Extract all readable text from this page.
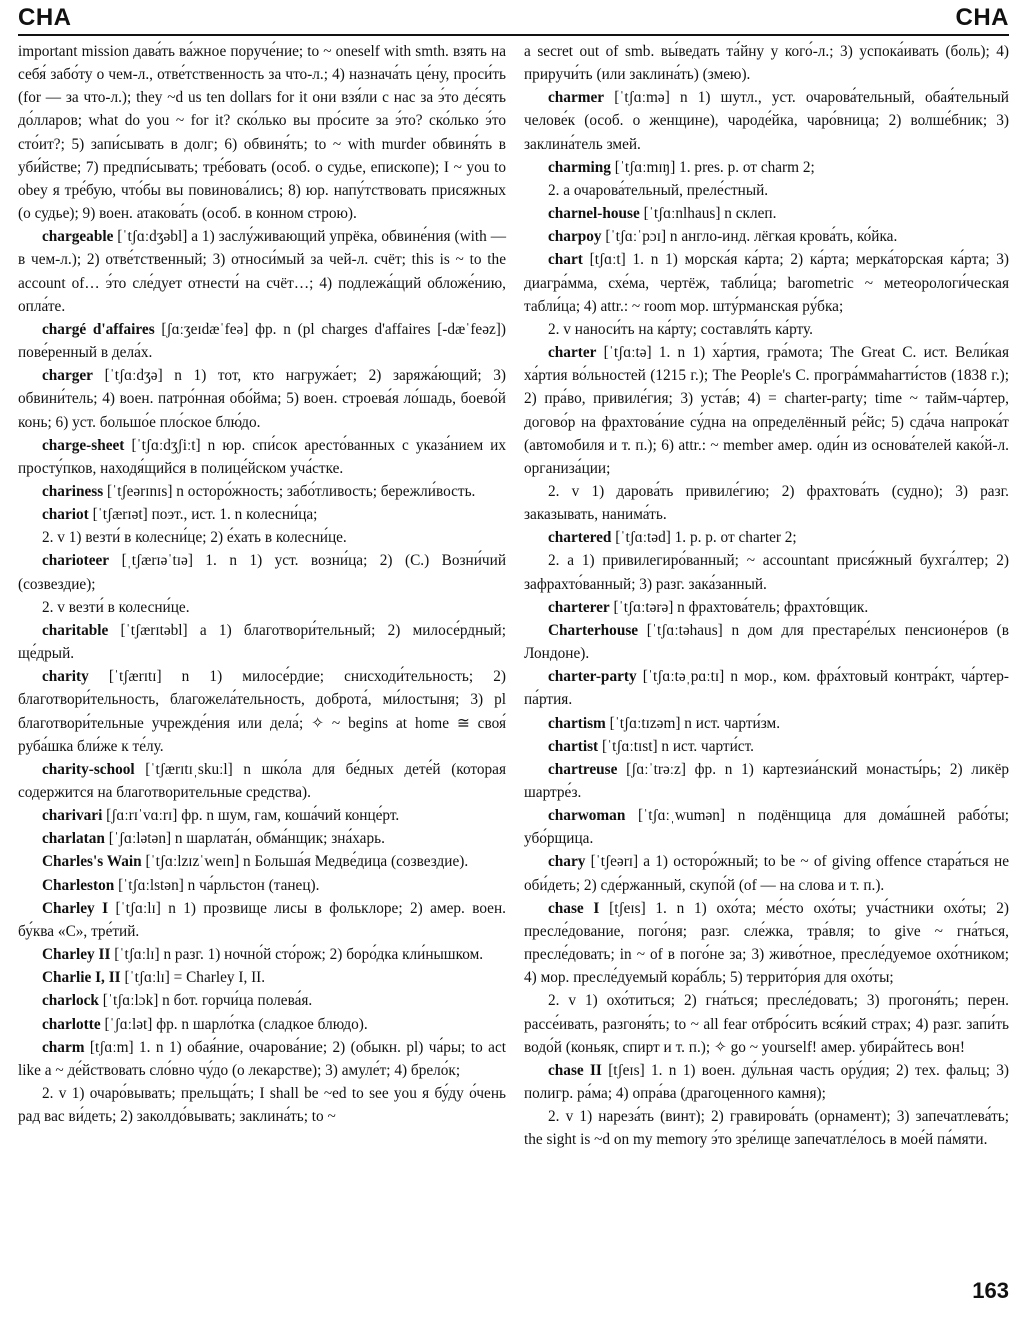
CHA	CHA

important mission дава́ть ва́жное поруче́ние; to ~ oneself with smth. взять на себя́ забо́ту о чем-л., отве́тственность за что-л.; 4) назнача́ть це́ну, проси́ть (for — за что-л.); they ~d us ten dollars for it они взя́ли с нас за э́то де́сять до́лларов; what do you ~ for it? ско́лько вы про́сите за э́то? ско́лько э́то сто́ит?; 5) запи́сывать в долг; 6) обвиня́ть; to ~ with murder обвиня́ть в уби́йстве; 7) предпи́сывать; тре́бовать (особ. о судье, епископе); I ~ you to obey я тре́бую, что́бы вы повинова́лись; 8) юр. напу́тствовать присяжных (о судье); 9) воен. атакова́ть (особ. в конном строю).

chargeable [ˈtʃɑːdʒəbl] a 1) заслу́живающий упрёка, обвине́ния (with — в чем-л.); 2) отве́тственный; 3) относи́мый за чей-л. счёт; this is ~ to the account of… э́то сле́дует отнести́ на счёт…; 4) подлежа́щий обложе́нию, опла́те.

chargé d'affaires [ʃɑːʒeɪdæˈfeə] фр. n (pl charges d'affaires [-dæˈfeəz]) пове́ренный в дела́х.

charger [ˈtʃɑːdʒə] n 1) тот, кто нагружа́ет; 2) заряжа́ющий; 3) обвини́тель; 4) воен. патро́нная обо́йма; 5) воен. строева́я ло́шадь, боево́й конь; 6) уст. большо́е пло́ское блю́до.

charge-sheet [ˈtʃɑːdʒʃiːt] n юр. спи́сок аресто́ванных с указа́нием их просту́пков, находя́щийся в полице́йском уча́стке.

chariness [ˈtʃeərɪnɪs] n осторо́жность; забо́тливость; бережли́вость.

chariot [ˈtʃærɪət] поэт., ист. 1. n колесни́ца;

2. v 1) везти́ в колесни́це; 2) е́хать в колесни́це.

charioteer [ˌtʃærɪəˈtɪə] 1. n 1) уст. возни́ца; 2) (C.) Возни́чий (созвездие);

2. v везти́ в колесни́це.

charitable [ˈtʃærɪtəbl] a 1) благотвори́тельный; 2) милосе́рдный; ще́дрый.

charity [ˈtʃærɪtɪ] n 1) милосе́рдие; снисходи́тельность; 2) благотвори́тельность, благожела́тельность, доброта́, ми́лостыня; 3) pl благотвори́тельные учрежде́ния или дела́; ✧ ~ begins at home ≅ своя́ руба́шка бли́же к те́лу.

charity-school [ˈtʃærɪtɪˌskuːl] n шко́ла для бе́дных дете́й (которая содержится на благотворительные средства).

charivari [ʃɑːrɪˈvɑːrɪ] фр. n шум, гам, коша́чий конце́рт.

charlatan [ˈʃɑːlətən] n шарлата́н, обма́нщик; зна́харь.

Charles's Wain [ˈtʃɑːlzɪzˈweɪn] n Больша́я Медве́дица (созвездие).

Charleston [ˈtʃɑːlstən] n ча́рльстон (танец).

Charley I [ˈtʃɑːlɪ] n 1) прозвище лисы в фольклоре; 2) амер. воен. бу́ква «С», тре́тий.

Charley II [ˈtʃɑːlɪ] n разг. 1) ночно́й сто́рож; 2) боро́дка кли́нышком.

Charlie I, II [ˈtʃɑːlɪ] = Charley I, II.

charlock [ˈtʃɑːlɔk] n бот. горчи́ца полева́я.

charlotte [ˈʃɑːlət] фр. n шарло́тка (сладкое блюдо).

charm [tʃɑːm] 1. n 1) обая́ние, очарова́ние; 2) (обыкн. pl) ча́ры; to act like a ~ де́йствовать сло́вно чу́до (о лекарстве); 3) амуле́т; 4) брело́к;

2. v 1) очаро́вывать; прельща́ть; I shall be ~ed to see you я бу́ду о́чень рад вас ви́деть; 2) заколдо́вывать; заклина́ть; to ~

a secret out of smb. вы́ведать та́йну у кого́-л.; 3) успока́ивать (боль); 4) приручи́ть (или заклина́ть) (змею).

charmer [ˈtʃɑːmə] n 1) шутл., уст. очарова́тельный, обая́тельный челове́к (особ. о женщине), чароде́йка, чаро́вница; 2) волше́бник; 3) заклина́тель змей.

charming [ˈtʃɑːmɪŋ] 1. pres. p. от charm 2;

2. a очарова́тельный, преле́стный.

charnel-house [ˈtʃɑːnlhaus] n склеп.

charpoy [ˈtʃɑːˈpɔɪ] n англо-инд. лёгкая крова́ть, ко́йка.

chart [tʃɑːt] 1. n 1) морска́я ка́рта; 2) ка́рта; мерка́торская ка́рта; 3) диагра́мма, схе́ма, чертёж, табли́ца; barometric ~ метеорологи́ческая табли́ца; 4) attr.: ~ room мор. шту́рманская ру́бка;

2. v наноси́ть на ка́рту; составля́ть ка́рту.

charter [ˈtʃɑːtə] 1. n 1) ха́ртия, гра́мота; The Great C. ист. Вели́кая ха́ртия во́льностей (1215 г.); The People's C. програ́ммаharти́стов (1838 г.); 2) пра́во, привиле́гия; 3) уста́в; 4) = charter-party; time ~ тайм-ча́ртер, догово́р на фрахтова́ние су́дна на определённый ре́йс; 5) сда́ча напрока́т (автомобиля и т. п.); 6) attr.: ~ member амер. оди́н из основа́телей како́й-л. организа́ции;

2. v 1) дарова́ть привиле́гию; 2) фрахтова́ть (судно); 3) разг. заказывать, нанима́ть.

chartered [ˈtʃɑːtəd] 1. p. p. от charter 2;

2. a 1) привилегиро́ванный; ~ accountant прися́жный бухга́лтер; 2) зафрахто́ванный; 3) разг. зака́занный.

charterer [ˈtʃɑːtərə] n фрахтова́тель; фрахто́вщик.

Charterhouse [ˈtʃɑːtəhaus] n дом для престаре́лых пенсионе́ров (в Лондоне).

charter-party [ˈtʃɑːtəˌpɑːtɪ] n мор., ком. фра́хтовый контра́кт, ча́ртер-па́ртия.

chartism [ˈtʃɑːtɪzəm] n ист. чарти́зм.

chartist [ˈtʃɑːtɪst] n ист. чарти́ст.

chartreuse [ʃɑːˈtrəːz] фр. n 1) картезиа́нский монасты́рь; 2) ликёр шартре́з.

charwoman [ˈtʃɑːˌwumən] n подёнщица для дома́шней рабо́ты; убо́рщица.

chary [ˈtʃeərɪ] a 1) осторо́жный; to be ~ of giving offence стара́ться не оби́деть; 2) сде́ржанный, скупо́й (of — на слова и т. п.).

chase I [tʃeɪs] 1. n 1) охо́та; ме́сто охо́ты; уча́стники охо́ты; 2) пресле́дование, пого́ня; разг. сле́жка, тра́вля; to give ~ гна́ться, пресле́довать; in ~ of в пого́не за; 3) живо́тное, пресле́дуемое охо́тником; 4) мор. пресле́дуемый кора́бль; 5) террито́рия для охо́ты;

2. v 1) охо́титься; 2) гна́ться; пресле́довать; 3) прогоня́ть; перен. рассе́ивать, разгоня́ть; to ~ all fear отбро́сить вся́кий страх; 4) разг. запи́ть водо́й (коньяк, спирт и т. п.); ✧ go ~ yourself! амер. убира́йтесь вон!

chase II [tʃeɪs] 1. n 1) воен. ду́льная часть ору́дия; 2) тех. фальц; 3) полигр. ра́ма; 4) опра́ва (драгоценного камня);

2. v 1) нареза́ть (винт); 2) гравирова́ть (орнамент); 3) запечатлева́ть; the sight is ~d on my memory э́то зре́лище запечатле́лось в мое́й па́мяти.

163
